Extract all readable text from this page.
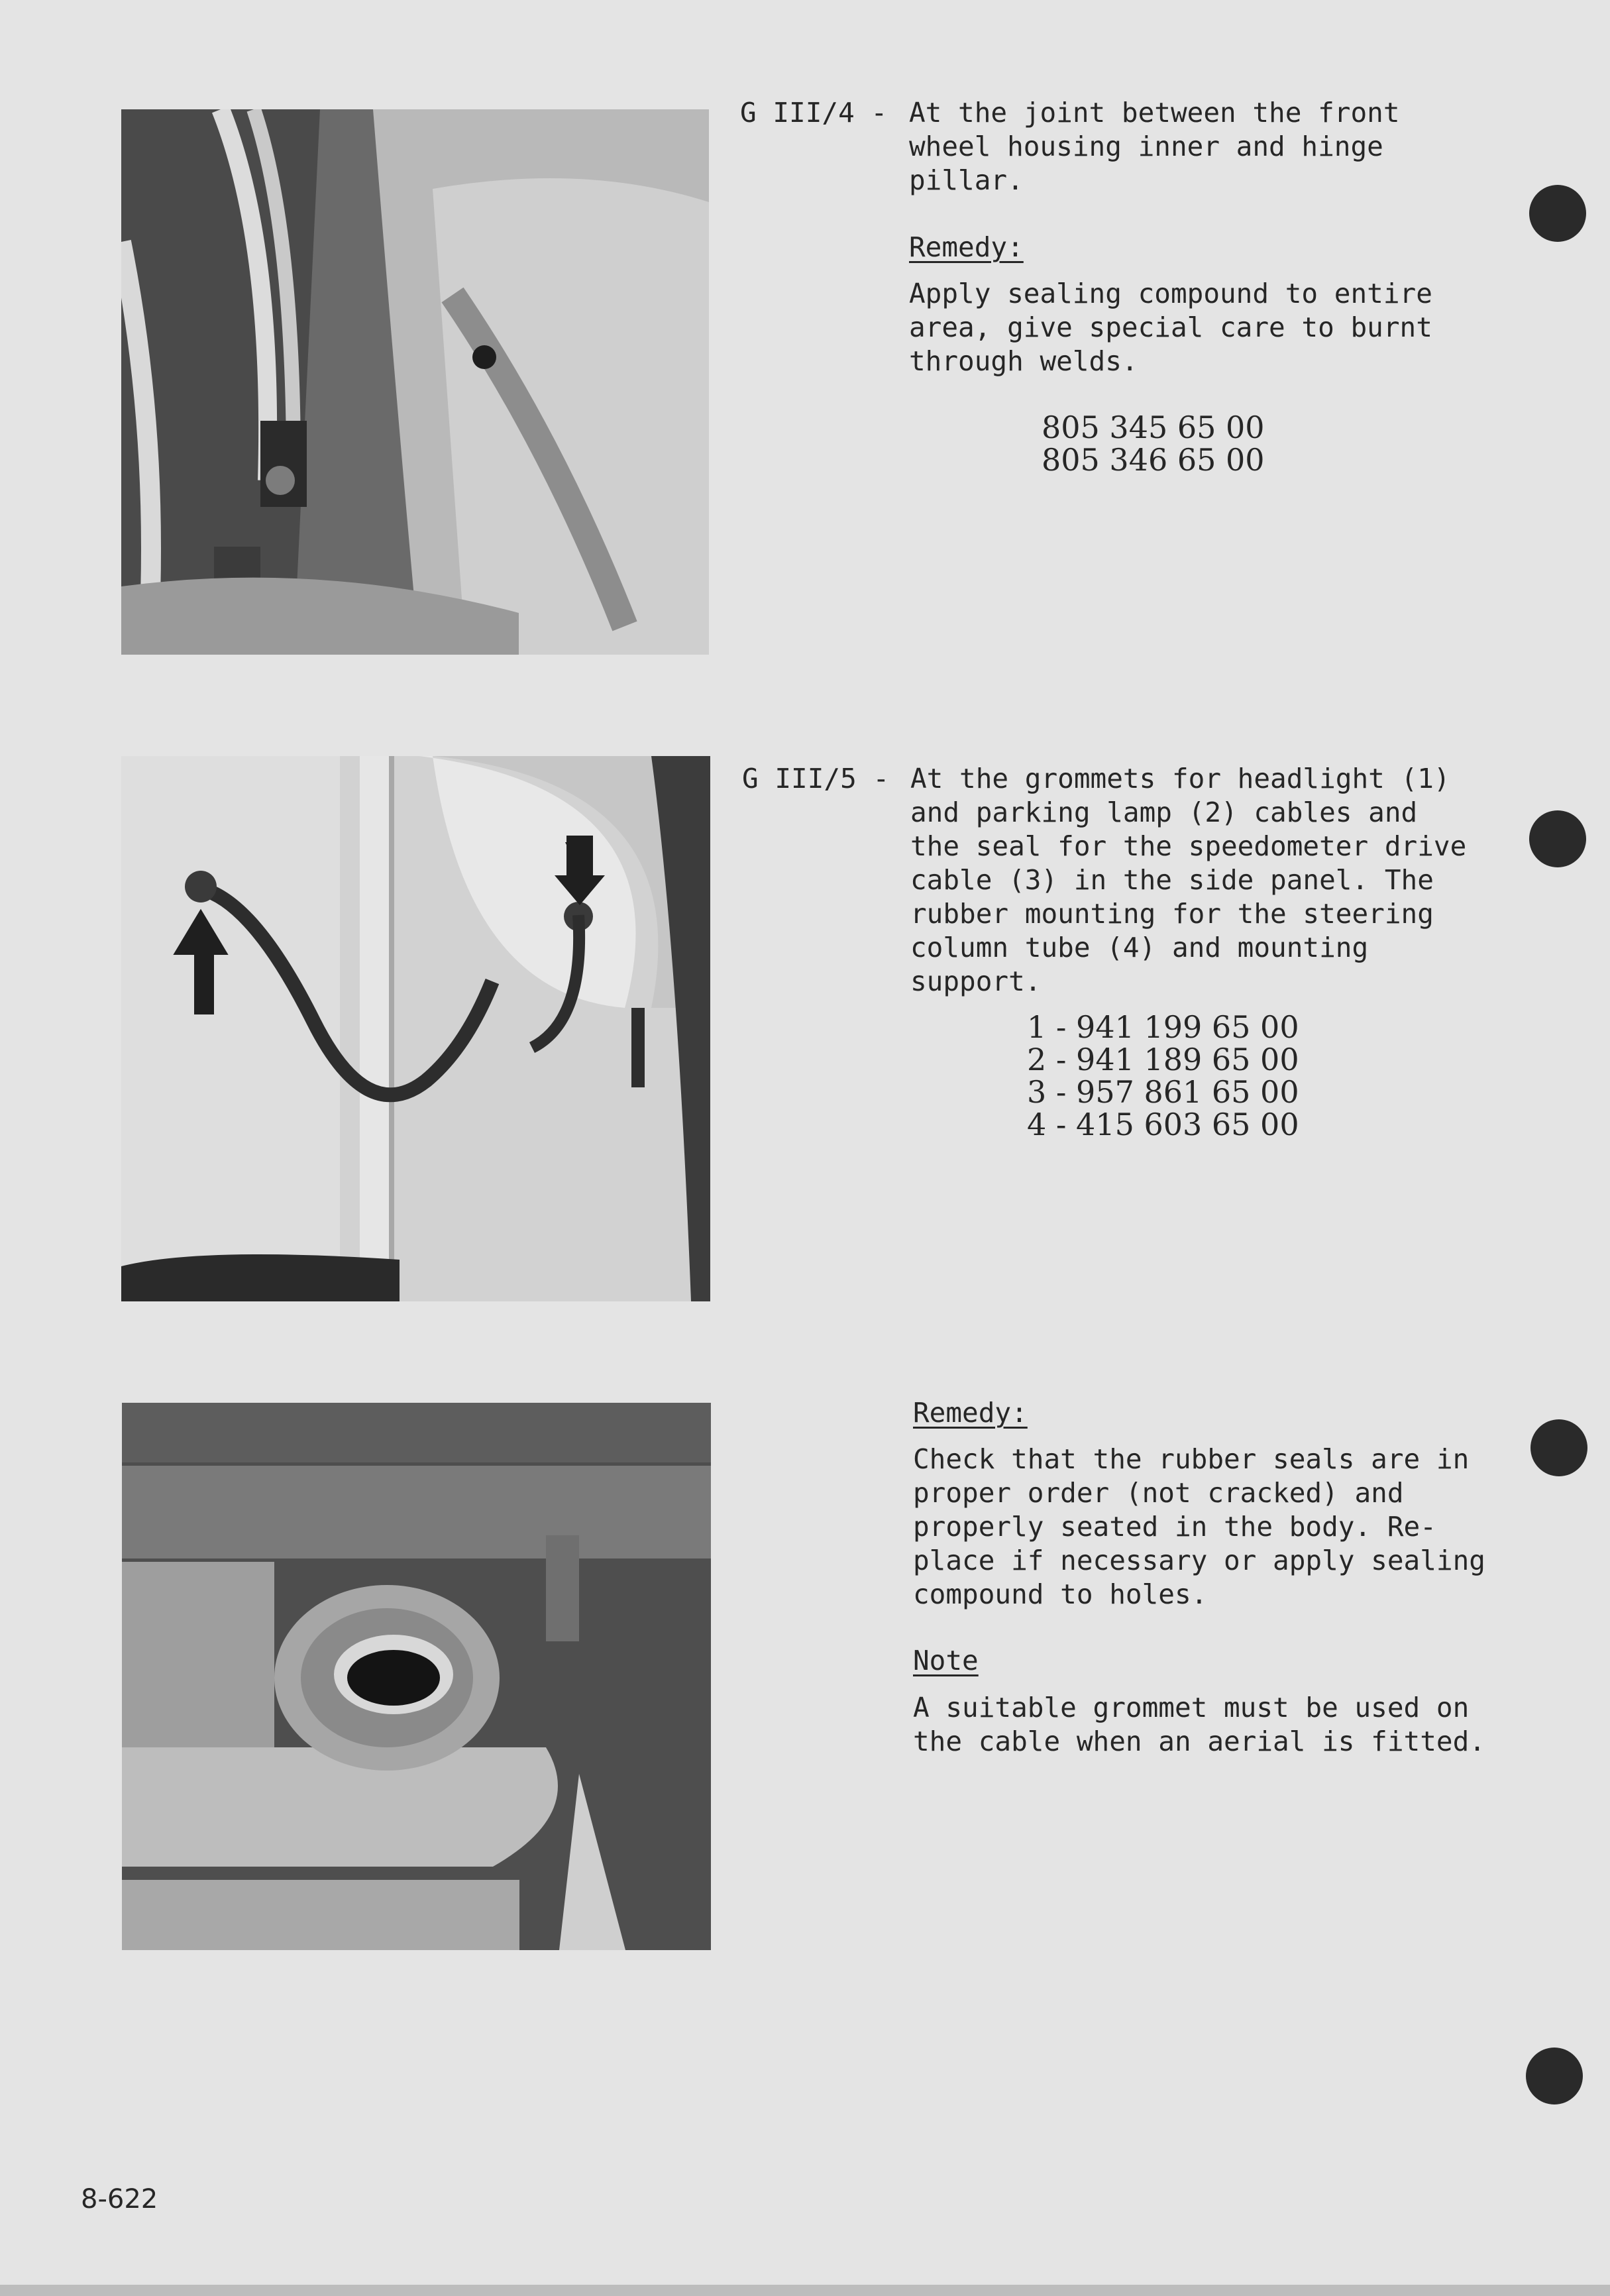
G III/4 - At the joint between the front
wheel housing inner and hinge
pillar.
Remedy:
Apply sealing compound to entire
area, give special care to burnt
through welds.
805 345 65 00
805 346 65 00
G III/5 - At the grommets for headlight (1)
and parking lamp (2) cables and
the seal for the speedometer drive
cable (3) in the side panel. The
rubber mounting for the steering
column tube (4) and mounting
support.
1 - 941 199 65 00
2 - 941 189 65 00
3 - 957 861 65 00
4 - 415 603 65 00
Remedy:
Check that the rubber seals are in
proper order (not cracked) and
properly seated in the body. Re-
place if necessary or apply sealing
compound to holes.
Note
A suitable grommet must be used on
the cable when an aerial is fitted.
8-622
